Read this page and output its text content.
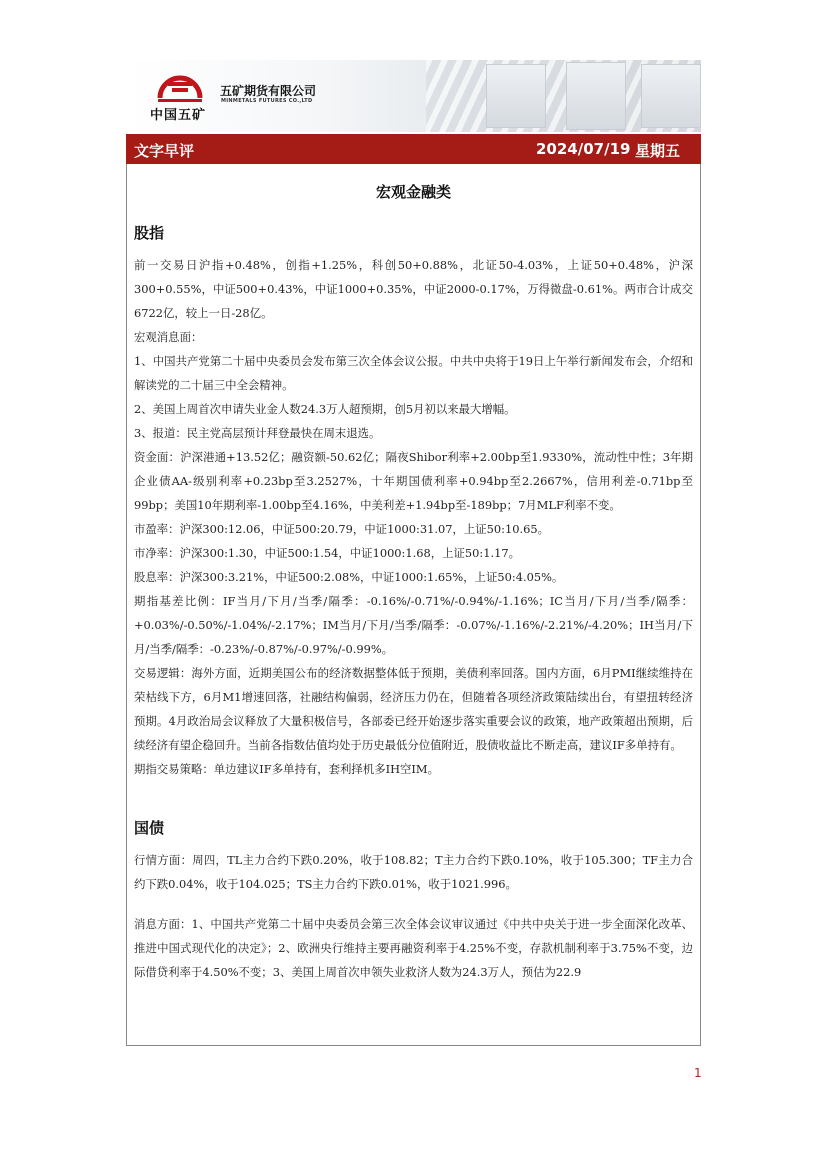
中国五矿
五矿期货有限公司
MINMETALS FUTURES CO.,LTD
文字早评	2024/07/19 星期五
宏观金融类
股指

前一交易日沪指+0.48%，创指+1.25%，科创50+0.88%，北证50-4.03%，上证50+0.48%，沪深300+0.55%，中证500+0.43%，中证1000+0.35%，中证2000-0.17%，万得微盘-0.61%。两市合计成交6722亿，较上一日-28亿。

宏观消息面：

1、中国共产党第二十届中央委员会发布第三次全体会议公报。中共中央将于19日上午举行新闻发布会，介绍和解读党的二十届三中全会精神。

2、美国上周首次申请失业金人数24.3万人超预期，创5月初以来最大增幅。

3、报道：民主党高层预计拜登最快在周末退选。

资金面：沪深港通+13.52亿；融资额-50.62亿；隔夜Shibor利率+2.00bp至1.9330%，流动性中性；3年期企业债AA-级别利率+0.23bp至3.2527%，十年期国债利率+0.94bp至2.2667%，信用利差-0.71bp至99bp；美国10年期利率-1.00bp至4.16%，中美利差+1.94bp至-189bp；7月MLF利率不变。

市盈率：沪深300:12.06，中证500:20.79，中证1000:31.07，上证50:10.65。

市净率：沪深300:1.30，中证500:1.54，中证1000:1.68，上证50:1.17。

股息率：沪深300:3.21%，中证500:2.08%，中证1000:1.65%，上证50:4.05%。

期指基差比例：IF当月/下月/当季/隔季：-0.16%/-0.71%/-0.94%/-1.16%；IC当月/下月/当季/隔季：+0.03%/-0.50%/-1.04%/-2.17%；IM当月/下月/当季/隔季：-0.07%/-1.16%/-2.21%/-4.20%；IH当月/下月/当季/隔季：-0.23%/-0.87%/-0.97%/-0.99%。

交易逻辑：海外方面，近期美国公布的经济数据整体低于预期，美债利率回落。国内方面，6月PMI继续维持在荣枯线下方，6月M1增速回落，社融结构偏弱，经济压力仍在，但随着各项经济政策陆续出台，有望扭转经济预期。4月政治局会议释放了大量积极信号，各部委已经开始逐步落实重要会议的政策，地产政策超出预期，后续经济有望企稳回升。当前各指数估值均处于历史最低分位值附近，股债收益比不断走高，建议IF多单持有。

期指交易策略：单边建议IF多单持有，套利择机多IH空IM。

国债

行情方面：周四，TL主力合约下跌0.20%，收于108.82；T主力合约下跌0.10%，收于105.300；TF主力合约下跌0.04%，收于104.025；TS主力合约下跌0.01%，收于1021.996。

消息方面：1、中国共产党第二十届中央委员会第三次全体会议审议通过《中共中央关于进一步全面深化改革、推进中国式现代化的决定》；2、欧洲央行维持主要再融资利率于4.25%不变，存款机制利率于3.75%不变，边际借贷利率于4.50%不变；3、美国上周首次申领失业救济人数为24.3万人，预估为22.9

1
